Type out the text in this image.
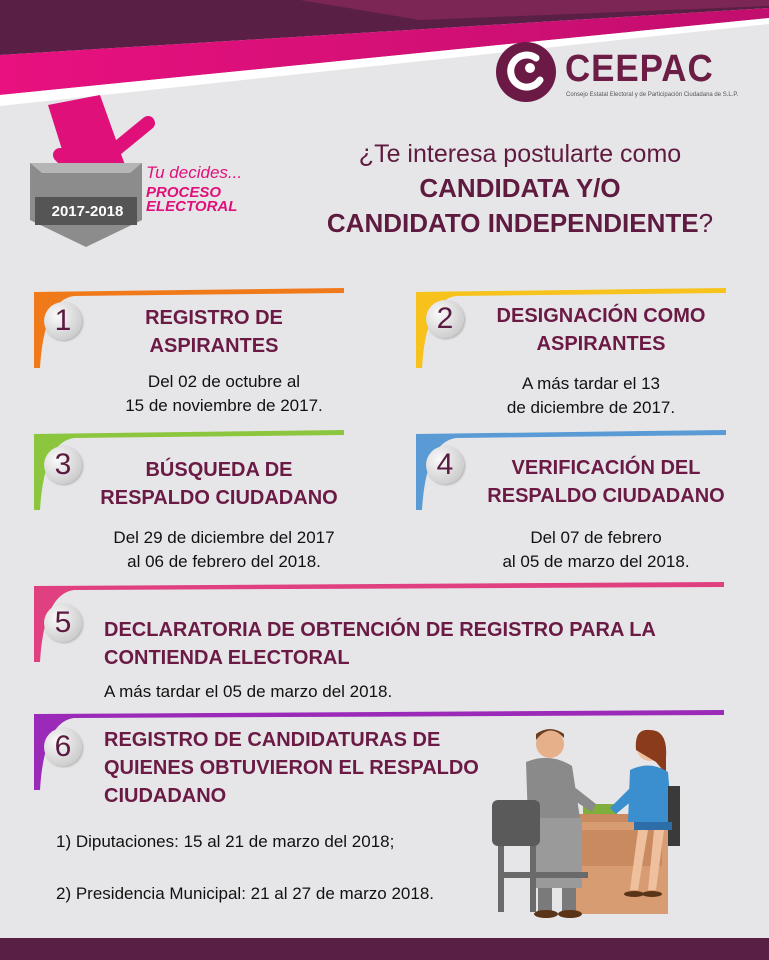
CEEPAC
Consejo Estatal Electoral y de Participación Ciudadana de S.L.P.
2017-2018
Tu decides...
PROCESO
ELECTORAL
¿Te interesa postularte como
CANDIDATA Y/O
CANDIDATO INDEPENDIENTE?
1	REGISTRO DE
ASPIRANTES
Del 02 de octubre al
15 de noviembre de 2017.
2	DESIGNACIÓN COMO
ASPIRANTES
A más tardar el 13
de diciembre de 2017.
3	BÚSQUEDA DE
RESPALDO CIUDADANO
Del 29 de diciembre del 2017
al 06 de febrero del 2018.
4	VERIFICACIÓN DEL
RESPALDO CIUDADANO
Del 07 de febrero
al 05 de marzo del 2018.
5	DECLARATORIA DE OBTENCIÓN DE REGISTRO PARA LA
CONTIENDA ELECTORAL
A más tardar el 05 de marzo del 2018.
6	REGISTRO DE CANDIDATURAS DE
QUIENES OBTUVIERON EL RESPALDO
CIUDADANO
1) Diputaciones: 15 al 21 de marzo del 2018;
2) Presidencia Municipal: 21 al 27 de marzo 2018.
